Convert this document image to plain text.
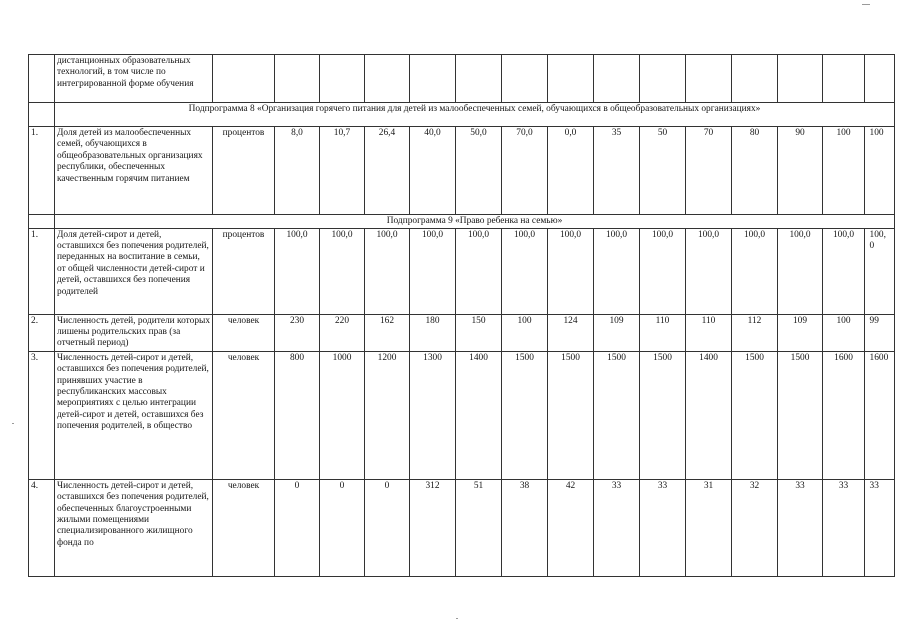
	дистанционных образовательных технологий, в том числе по интегрированной форме обучения																
	Подпрограмма 8 «Организация горячего питания для детей из малообеспеченных семей, обучающихся в общеобразовательных организациях»																
1.	Доля детей из малообеспеченных семей, обучающихся в общеобразовательных организациях республики, обеспеченных качественным горячим питанием	процентов	8,0	10,7	26,4	40,0	50,0	70,0	0,0	35	50	70	80	90	100	100	
	Подпрограмма 9 «Право ребенка на семью»																
1.	Доля детей-сирот и детей, оставшихся без попечения родителей, переданных на воспитание в семьи, от общей численности детей-сирот и детей, оставшихся без попечения родителей	процентов	100,0	100,0	100,0	100,0	100,0	100,0	100,0	100,0	100,0	100,0	100,0	100,0	100,0	100,0	
2.	Численность детей, родители которых лишены родительских прав (за отчетный период)	человек	230	220	162	180	150	100	124	109	110	110	112	109	100	99	
3.	Численность детей-сирот и детей, оставшихся без попечения родителей, принявших участие в республиканских массовых мероприятиях с целью интеграции детей-сирот и детей, оставшихся без попечения родителей, в общество	человек	800	1000	1200	1300	1400	1500	1500	1500	1500	1400	1500	1500	1600	1600	
4.	Численность детей-сирот и детей, оставшихся без попечения родителей, обеспеченных благоустроенными жилыми помещениями специализированного жилищного фонда по	человек	0	0	0	312	51	38	42	33	33	31	32	33	33	33	
